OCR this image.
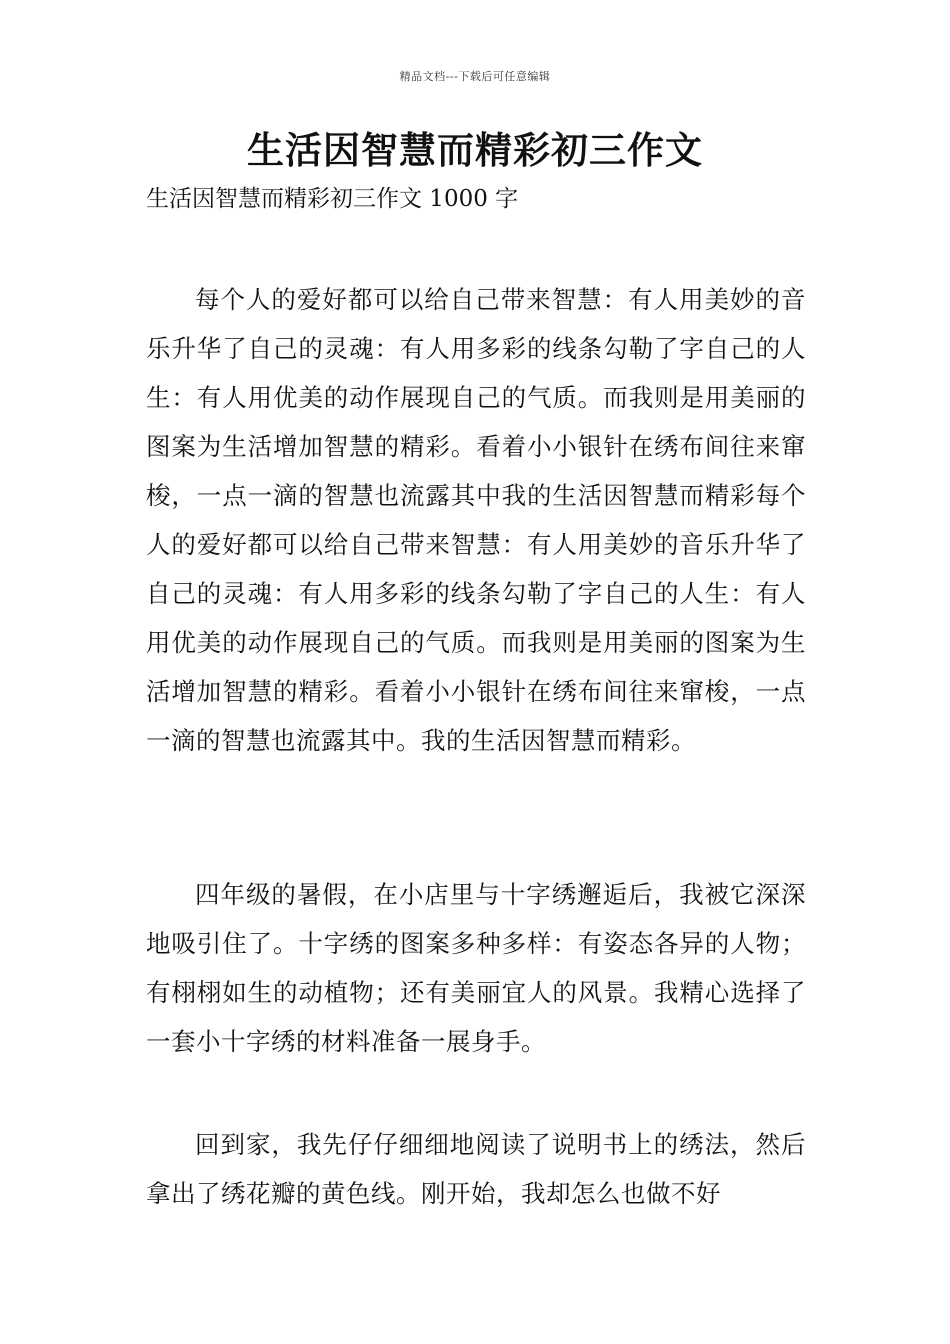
精品文档---下载后可任意编辑
生活因智慧而精彩初三作文

生活因智慧而精彩初三作文 1000 字

每个人的爱好都可以给自己带来智慧：有人用美妙的音乐升华了自己的灵魂：有人用多彩的线条勾勒了字自己的人生：有人用优美的动作展现自己的气质。而我则是用美丽的图案为生活增加智慧的精彩。看着小小银针在绣布间往来窜梭，一点一滴的智慧也流露其中我的生活因智慧而精彩每个人的爱好都可以给自己带来智慧：有人用美妙的音乐升华了自己的灵魂：有人用多彩的线条勾勒了字自己的人生：有人用优美的动作展现自己的气质。而我则是用美丽的图案为生活增加智慧的精彩。看着小小银针在绣布间往来窜梭，一点一滴的智慧也流露其中。我的生活因智慧而精彩。

四年级的暑假，在小店里与十字绣邂逅后，我被它深深地吸引住了。十字绣的图案多种多样：有姿态各异的人物；有栩栩如生的动植物；还有美丽宜人的风景。我精心选择了一套小十字绣的材料准备一展身手。

回到家，我先仔仔细细地阅读了说明书上的绣法，然后拿出了绣花瓣的黄色线。刚开始，我却怎么也做不好
